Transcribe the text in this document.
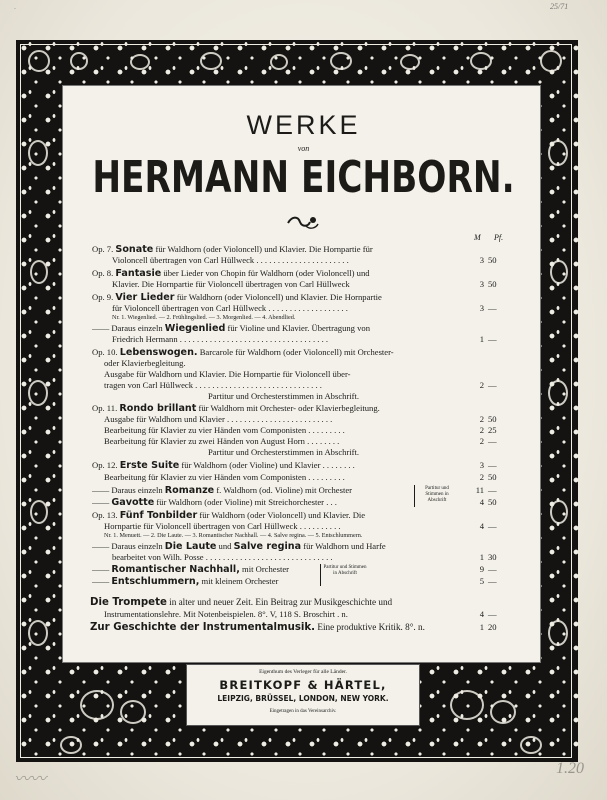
.	25/71
WERKE
von
HERMANN EICHBORN.
M Pf.
Op. 7. Sonate für Waldhorn (oder Violoncell) und Klavier. Die Hornpartie für
Violoncell übertragen von Carl Hüllweck . . . . . . . . . . . . . . . . . . . . . .	3 50
Op. 8. Fantasie über Lieder von Chopin für Waldhorn (oder Violoncell) und
Klavier. Die Hornpartie für Violoncell übertragen von Carl Hüllweck	3 50
Op. 9. Vier Lieder für Waldhorn (oder Violoncell) und Klavier. Die Hornpartie
für Violoncell übertragen von Carl Hüllweck . . . . . . . . . . . . . . . . . . .	3 —
Nr. 1. Wiegenlied. — 2. Frühlingslied. — 3. Morgenlied. — 4. Abendlied.
—— Daraus einzeln Wiegenlied für Violine und Klavier. Übertragung von
Friedrich Hermann . . . . . . . . . . . . . . . . . . . . . . . . . . . . . . . . . . .	1 —
Op. 10. Lebenswogen. Barcarole für Waldhorn (oder Violoncell) mit Orchester-
oder Klavierbegleitung.
Ausgabe für Waldhorn und Klavier. Die Hornpartie für Violoncell über-
tragen von Carl Hüllweck . . . . . . . . . . . . . . . . . . . . . . . . . . . . . .	2 —
Partitur und Orchesterstimmen in Abschrift.
Op. 11. Rondo brillant für Waldhorn mit Orchester- oder Klavierbegleitung.
Ausgabe für Waldhorn und Klavier . . . . . . . . . . . . . . . . . . . . . . . . .	2 50
Bearbeitung für Klavier zu vier Händen vom Componisten . . . . . . . . .	2 25
Bearbeitung für Klavier zu zwei Händen von August Horn . . . . . . . .	2 —
Partitur und Orchesterstimmen in Abschrift.
Op. 12. Erste Suite für Waldhorn (oder Violine) und Klavier . . . . . . . .	3 —
Bearbeitung für Klavier zu vier Händen vom Componisten . . . . . . . . .	2 50
—— Daraus einzeln Romanze f. Waldhorn (od. Violine) mit Orchester	11 —
—— Gavotte für Waldhorn (oder Violine) mit Streichorchester . . .	4 50
Partitur und Stimmen in Abschrift
Op. 13. Fünf Tonbilder für Waldhorn (oder Violoncell) und Klavier. Die
Hornpartie für Violoncell übertragen von Carl Hüllweck . . . . . . . . . .	4 —
Nr. 1. Menuett. — 2. Die Laute. — 3. Romantischer Nachhall. — 4. Salve regina. — 5. Entschlummern.
—— Daraus einzeln Die Laute und Salve regina für Waldhorn und Harfe
bearbeitet von Wilh. Posse . . . . . . . . . . . . . . . . . . . . . . . . . . . . . .	1 30
—— Romantischer Nachhall, mit Orchester	9 —
—— Entschlummern, mit kleinem Orchester	5 —
Partitur und Stimmen in Abschrift
Die Trompete in alter und neuer Zeit. Ein Beitrag zur Musikgeschichte und
Instrumentationslehre. Mit Notenbeispielen. 8°. V, 118 S. Broschirt . n.	4 —
Zur Geschichte der Instrumentalmusik. Eine produktive Kritik. 8°. n.	1 20
Eigenthum des Verleger für alle Länder.
BREITKOPF & HÄRTEL,
LEIPZIG, BRÜSSEL, LONDON, NEW YORK.
Eingetragen in das Vereinsarchiv.
〰〰
1.20
